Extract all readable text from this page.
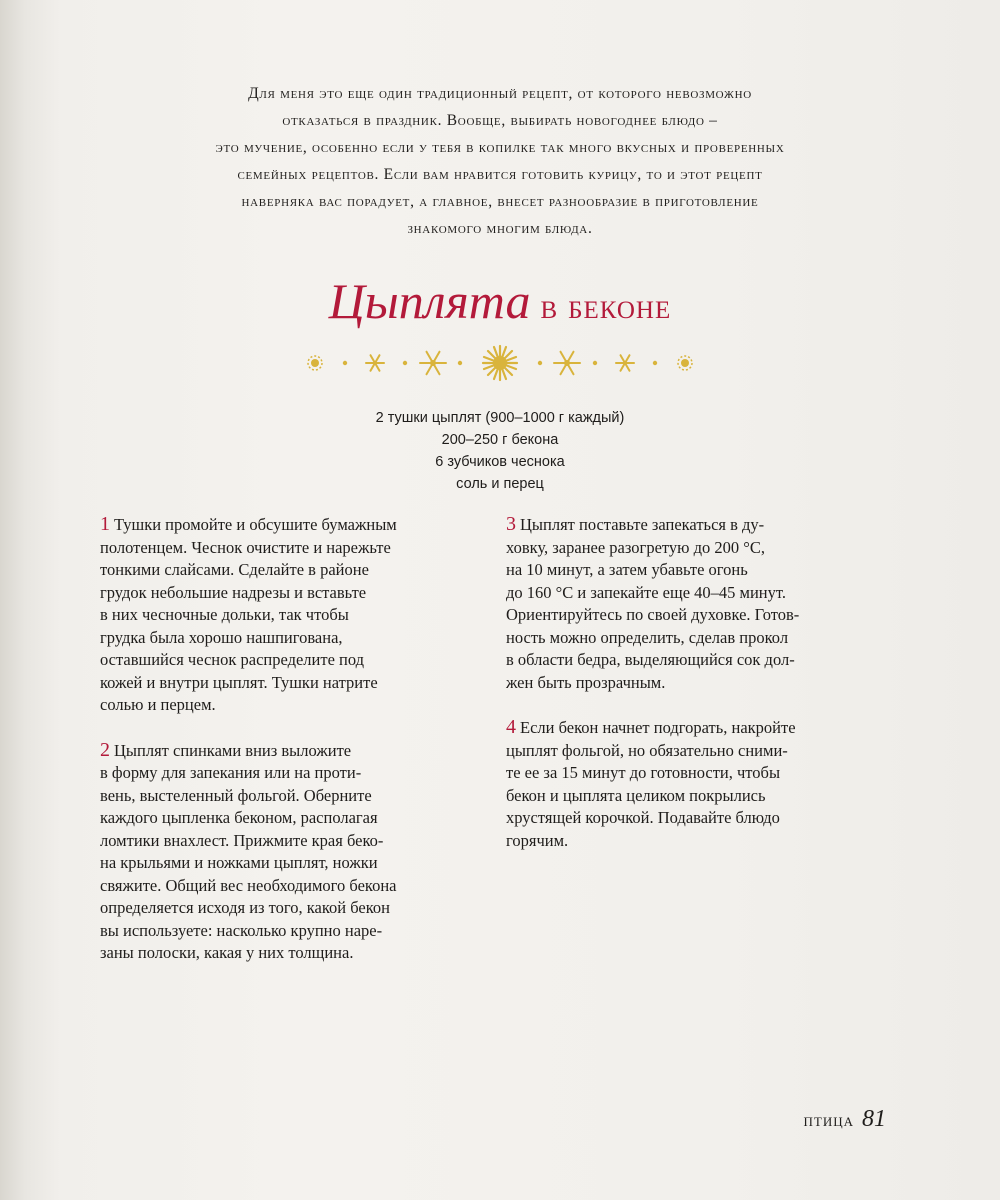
Для меня это еще один традиционный рецепт, от которого невозможно
отказаться в праздник. Вообще, выбирать новогоднее блюдо –
это мучение, особенно если у тебя в копилке так много вкусных и проверенных
семейных рецептов. Если вам нравится готовить курицу, то и этот рецепт
наверняка вас порадует, а главное, внесет разнообразие в приготовление
знакомого многим блюда.
Цыплята в беконе
2 тушки цыплят (900–1000 г каждый)
200–250 г бекона
6 зубчиков чеснока
соль и перец
1 Тушки промойте и обсушите бумажным
полотенцем. Чеснок очистите и нарежьте
тонкими слайсами. Сделайте в районе
грудок небольшие надрезы и вставьте
в них чесночные дольки, так чтобы
грудка была хорошо нашпигована,
оставшийся чеснок распределите под
кожей и внутри цыплят. Тушки натрите
солью и перцем.
2 Цыплят спинками вниз выложите
в форму для запекания или на проти-
вень, выстеленный фольгой. Оберните
каждого цыпленка беконом, располагая
ломтики внахлест. Прижмите края беко-
на крыльями и ножками цыплят, ножки
свяжите. Общий вес необходимого бекона
определяется исходя из того, какой бекон
вы используете: насколько крупно наре-
заны полоски, какая у них толщина.
3 Цыплят поставьте запекаться в ду-
ховку, заранее разогретую до 200 °C,
на 10 минут, а затем убавьте огонь
до 160 °C и запекайте еще 40–45 минут.
Ориентируйтесь по своей духовке. Готов-
ность можно определить, сделав прокол
в области бедра, выделяющийся сок дол-
жен быть прозрачным.
4 Если бекон начнет подгорать, накройте
цыплят фольгой, но обязательно сними-
те ее за 15 минут до готовности, чтобы
бекон и цыплята целиком покрылись
хрустящей корочкой. Подавайте блюдо
горячим.
птица 81
